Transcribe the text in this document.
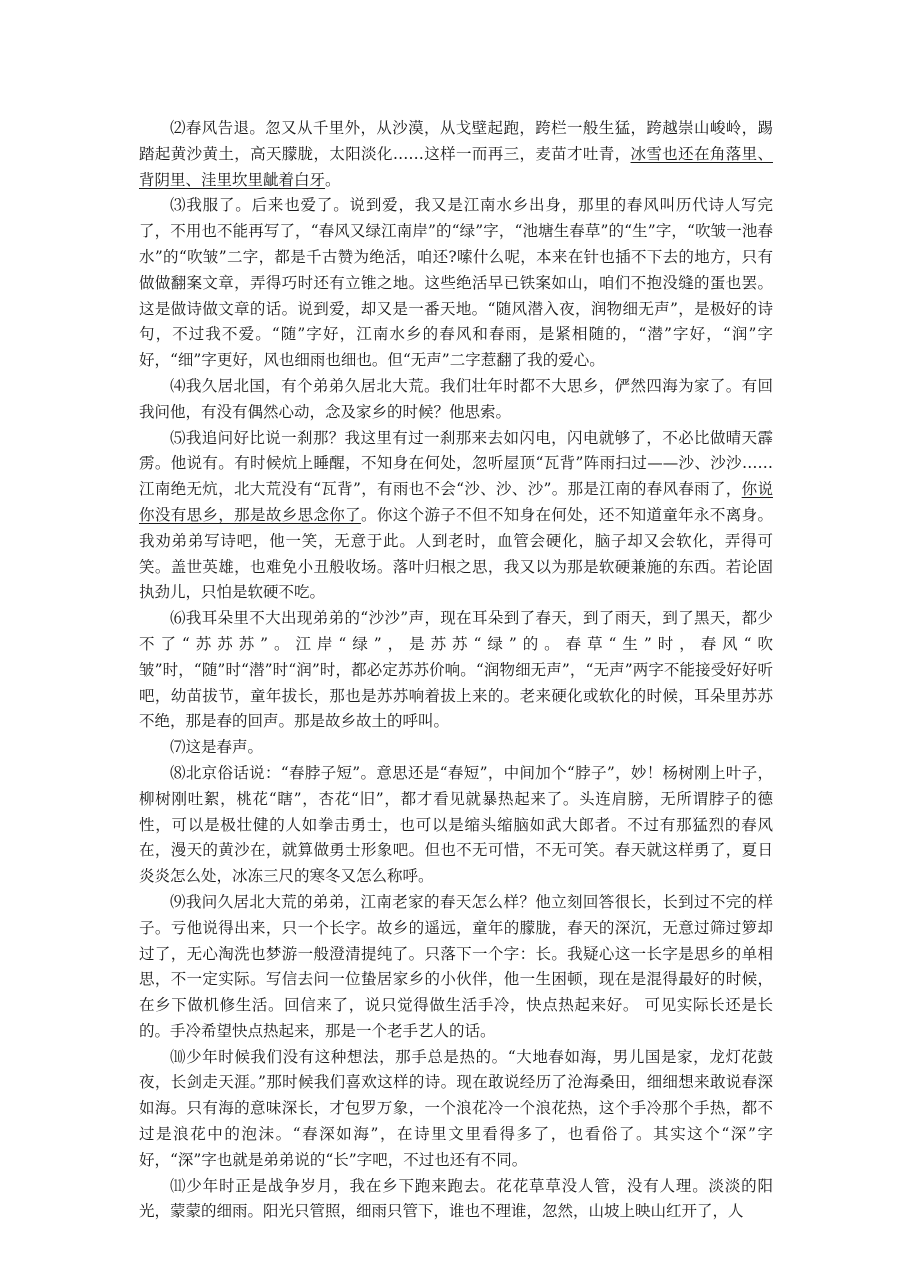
⑵春风告退。忽又从千里外，从沙漠，从戈壁起跑，跨栏一般生猛，跨越崇山峻岭，踢踏起黄沙黄土，高天朦胧，太阳淡化……这样一而再三，麦苗才吐青，冰雪也还在角落里、背阴里、洼里坎里龇着白牙。

⑶我服了。后来也爱了。说到爱，我又是江南水乡出身，那里的春风叫历代诗人写完了，不用也不能再写了，“春风又绿江南岸”的“绿”字，“池塘生春草”的“生”字，“吹皱一池春水”的“吹皱”二字，都是千古赞为绝活，咱还?嗦什么呢，本来在针也插不下去的地方，只有做做翻案文章，弄得巧时还有立锥之地。这些绝活早已铁案如山，咱们不抱没缝的蛋也罢。这是做诗做文章的话。说到爱，却又是一番天地。“随风潜入夜，润物细无声”，是极好的诗句，不过我不爱。“随”字好，江南水乡的春风和春雨，是紧相随的，“潜”字好，“润”字好，“细”字更好，风也细雨也细也。但“无声”二字惹翻了我的爱心。

⑷我久居北国，有个弟弟久居北大荒。我们壮年时都不大思乡，俨然四海为家了。有回我问他，有没有偶然心动，念及家乡的时候？他思索。

⑸我追问好比说一刹那？我这里有过一刹那来去如闪电，闪电就够了，不必比做晴天霹雳。他说有。有时候炕上睡醒，不知身在何处，忽听屋顶“瓦背”阵雨扫过——沙、沙沙……江南绝无炕，北大荒没有“瓦背”，有雨也不会“沙、沙、沙”。那是江南的春风春雨了，你说你没有思乡，那是故乡思念你了。你这个游子不但不知身在何处，还不知道童年永不离身。我劝弟弟写诗吧，他一笑，无意于此。人到老时，血管会硬化，脑子却又会软化，弄得可笑。盖世英雄，也难免小丑般收场。落叶归根之思，我又以为那是软硬兼施的东西。若论固执劲儿，只怕是软硬不吃。

⑹我耳朵里不大出现弟弟的“沙沙”声，现在耳朵到了春天，到了雨天，到了黑天，都少不了“苏苏苏”。江岸“绿”，是苏苏“绿”的。春草“生”时，春风“吹皱”时，“随”时“潜”时“润”时，都必定苏苏价响。“润物细无声”，“无声”两字不能接受好好听吧，幼苗拔节，童年拔长，那也是苏苏响着拔上来的。老来硬化或软化的时候，耳朵里苏苏不绝，那是春的回声。那是故乡故土的呼叫。

⑺这是春声。

⑻北京俗话说：“春脖子短”。意思还是“春短”，中间加个“脖子”，妙！杨树刚上叶子，柳树刚吐絮，桃花“瞎”，杏花“旧”，都才看见就暴热起来了。头连肩膀，无所谓脖子的德性，可以是极壮健的人如拳击勇士，也可以是缩头缩脑如武大郎者。不过有那猛烈的春风在，漫天的黄沙在，就算做勇士形象吧。但也不无可惜，不无可笑。春天就这样勇了，夏日炎炎怎么处，冰冻三尺的寒冬又怎么称呼。

⑼我问久居北大荒的弟弟，江南老家的春天怎么样？他立刻回答很长，长到过不完的样子。亏他说得出来，只一个长字。故乡的遥远，童年的朦胧，春天的深沉，无意过筛过箩却过了，无心淘洗也梦游一般澄清提纯了。只落下一个字：长。我疑心这一长字是思乡的单相思，不一定实际。写信去问一位蛰居家乡的小伙伴，他一生困顿，现在是混得最好的时候，在乡下做机修生活。回信来了，说只觉得做生活手冷，快点热起来好。 可见实际长还是长的。手冷希望快点热起来，那是一个老手艺人的话。

⑽少年时候我们没有这种想法，那手总是热的。“大地春如海，男儿国是家，龙灯花鼓夜，长剑走天涯。”那时候我们喜欢这样的诗。现在敢说经历了沧海桑田，细细想来敢说春深如海。只有海的意味深长，才包罗万象，一个浪花冷一个浪花热，这个手冷那个手热，都不过是浪花中的泡沫。“春深如海”，在诗里文里看得多了，也看俗了。其实这个“深”字好，“深”字也就是弟弟说的“长”字吧，不过也还有不同。

⑾少年时正是战争岁月，我在乡下跑来跑去。花花草草没人管，没有人理。淡淡的阳光，蒙蒙的细雨。阳光只管照，细雨只管下，谁也不理谁，忽然，山坡上映山红开了，人
